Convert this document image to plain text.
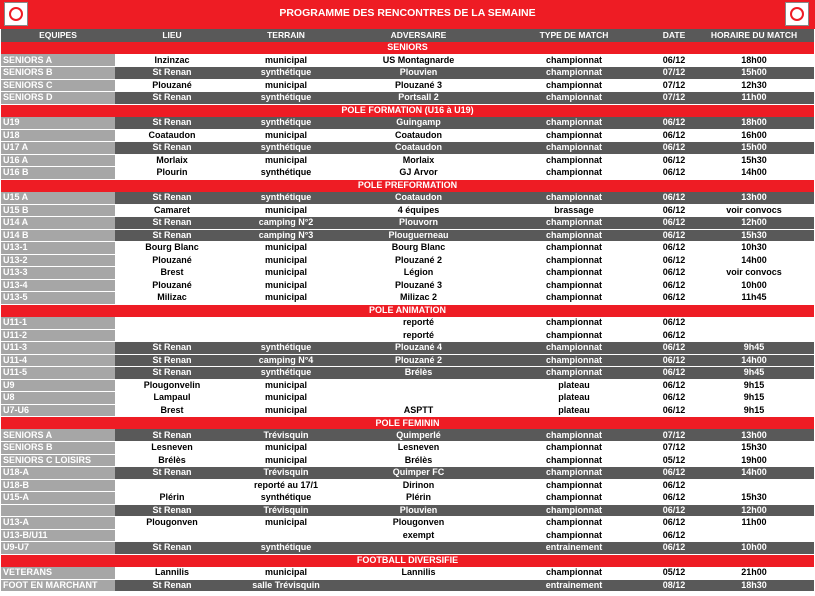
PROGRAMME DES RENCONTRES DE LA SEMAINE
EQUIPES	LIEU	TERRAIN	ADVERSAIRE	TYPE DE MATCH	DATE	HORAIRE DU MATCH
SENIORS						
SENIORS A	Inzinzac	municipal	US Montagnarde	championnat	06/12	18h00
SENIORS B	St Renan	synthétique	Plouvien	championnat	07/12	15h00
SENIORS C	Plouzané	municipal	Plouzané 3	championnat	07/12	12h30
SENIORS D	St Renan	synthétique	Portsall 2	championnat	07/12	11h00
POLE FORMATION (U16 à U19)						
U19	St Renan	synthétique	Guingamp	championnat	06/12	18h00
U18	Coataudon	municipal	Coataudon	championnat	06/12	16h00
U17 A	St Renan	synthétique	Coataudon	championnat	06/12	15h00
U16 A	Morlaix	municipal	Morlaix	championnat	06/12	15h30
U16 B	Plourin	synthétique	GJ Arvor	championnat	06/12	14h00
POLE PREFORMATION						
U15 A	St Renan	synthétique	Coataudon	championnat	06/12	13h00
U15 B	Camaret	municipal	4 équipes	brassage	06/12	voir convocs
U14 A	St Renan	camping N°2	Plouvorn	championnat	06/12	12h00
U14 B	St Renan	camping N°3	Plouguerneau	championnat	06/12	15h30
U13-1	Bourg Blanc	municipal	Bourg Blanc	championnat	06/12	10h30
U13-2	Plouzané	municipal	Plouzané 2	championnat	06/12	14h00
U13-3	Brest	municipal	Légion	championnat	06/12	voir convocs
U13-4	Plouzané	municipal	Plouzané 3	championnat	06/12	10h00
U13-5	Milizac	municipal	Milizac 2	championnat	06/12	11h45
POLE ANIMATION						
U11-1			reporté	championnat	06/12	
U11-2			reporté	championnat	06/12	
U11-3	St Renan	synthétique	Plouzané 4	championnat	06/12	9h45
U11-4	St Renan	camping N°4	Plouzané 2	championnat	06/12	14h00
U11-5	St Renan	synthétique	Brélès	championnat	06/12	9h45
U9	Plougonvelin	municipal		plateau	06/12	9h15
U8	Lampaul	municipal		plateau	06/12	9h15
U7-U6	Brest	municipal	ASPTT	plateau	06/12	9h15
POLE FEMININ						
SENIORS A	St Renan	Trévisquin	Quimperlé	championnat	07/12	13h00
SENIORS B	Lesneven	municipal	Lesneven	championnat	07/12	15h30
SENIORS C LOISIRS	Brélès	municipal	Brélès	championnat	05/12	19h00
U18-A	St Renan	Trévisquin	Quimper FC	championnat	06/12	14h00
U18-B		reporté au 17/1	Dirinon	championnat	06/12	
U15-A	Plérin	synthétique	Plérin	championnat	06/12	15h30
	St Renan	Trévisquin	Plouvien	championnat	06/12	12h00
U13-A	Plougonven	municipal	Plougonven	championnat	06/12	11h00
U13-B/U11			exempt	championnat	06/12	
U9-U7	St Renan	synthétique		entrainement	06/12	10h00
FOOTBALL DIVERSIFIE						
VETERANS	Lannilis	municipal	Lannilis	championnat	05/12	21h00
FOOT EN MARCHANT	St Renan	salle Trévisquin		entrainement	08/12	18h30
